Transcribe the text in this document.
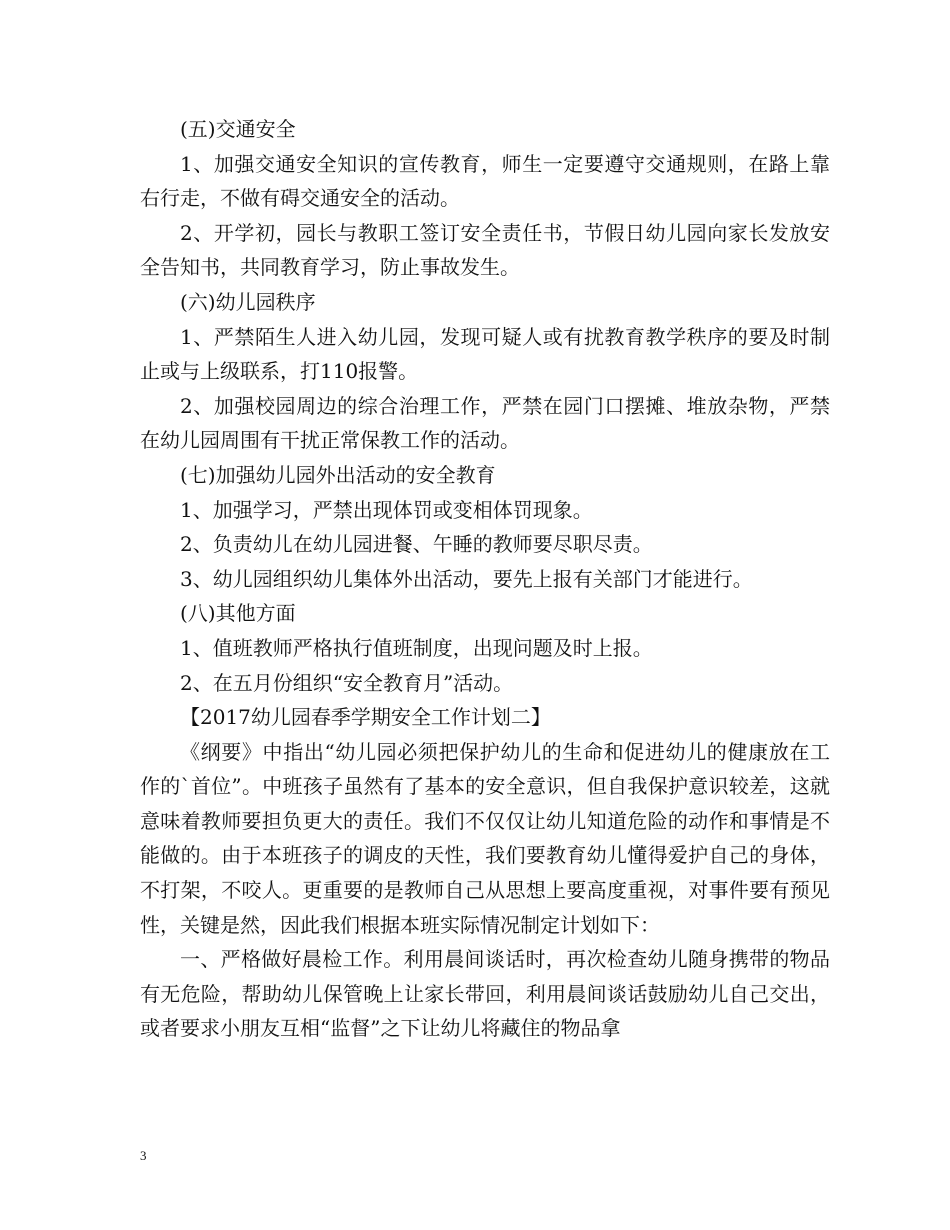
(五)交通安全

1、加强交通安全知识的宣传教育，师生一定要遵守交通规则，在路上靠右行走，不做有碍交通安全的活动。

2、开学初，园长与教职工签订安全责任书，节假日幼儿园向家长发放安全告知书，共同教育学习，防止事故发生。

(六)幼儿园秩序

1、严禁陌生人进入幼儿园，发现可疑人或有扰教育教学秩序的要及时制止或与上级联系，打110报警。

2、加强校园周边的综合治理工作，严禁在园门口摆摊、堆放杂物，严禁在幼儿园周围有干扰正常保教工作的活动。

(七)加强幼儿园外出活动的安全教育

1、加强学习，严禁出现体罚或变相体罚现象。

2、负责幼儿在幼儿园进餐、午睡的教师要尽职尽责。

3、幼儿园组织幼儿集体外出活动，要先上报有关部门才能进行。

(八)其他方面

1、值班教师严格执行值班制度，出现问题及时上报。

2、在五月份组织“安全教育月”活动。

【2017幼儿园春季学期安全工作计划二】

《纲要》中指出“幼儿园必须把保护幼儿的生命和促进幼儿的健康放在工作的`首位”。中班孩子虽然有了基本的安全意识，但自我保护意识较差，这就意味着教师要担负更大的责任。我们不仅仅让幼儿知道危险的动作和事情是不能做的。由于本班孩子的调皮的天性，我们要教育幼儿懂得爱护自己的身体，不打架，不咬人。更重要的是教师自己从思想上要高度重视，对事件要有预见性，关键是然，因此我们根据本班实际情况制定计划如下：

一、严格做好晨检工作。利用晨间谈话时，再次检查幼儿随身携带的物品有无危险，帮助幼儿保管晚上让家长带回，利用晨间谈话鼓励幼儿自己交出，或者要求小朋友互相“监督”之下让幼儿将藏住的物品拿

3
